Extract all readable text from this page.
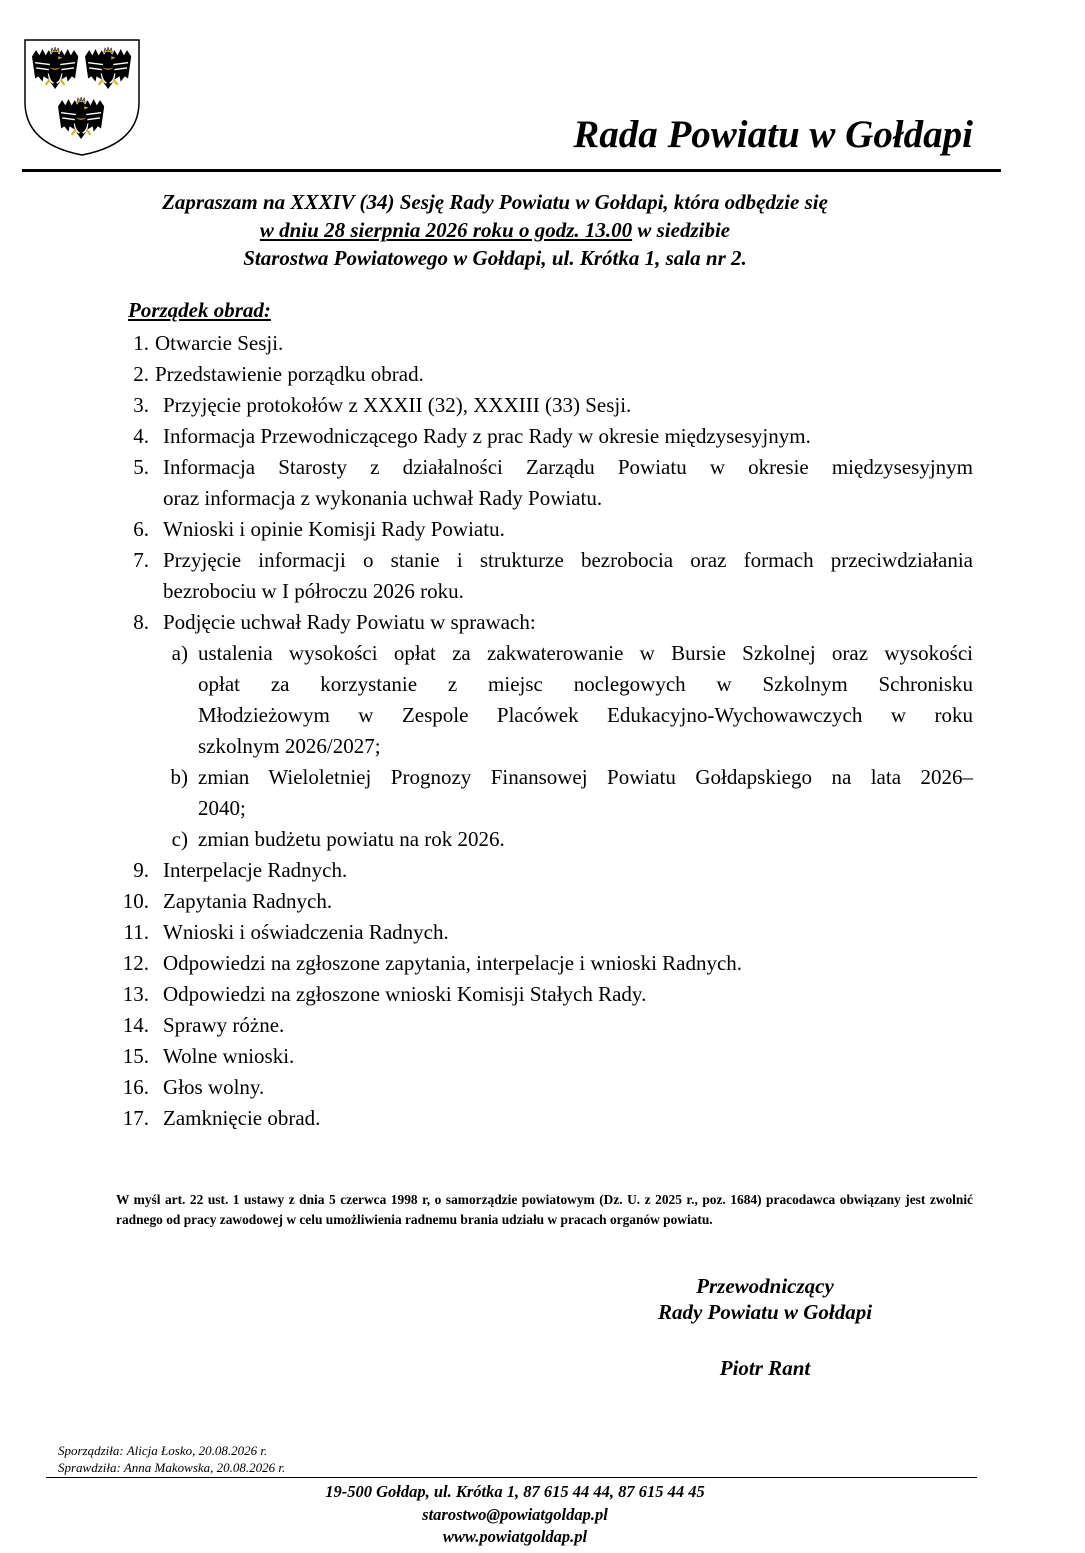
Rada Powiatu w Gołdapi
Zapraszam na XXXIV (34) Sesję Rady Powiatu w Gołdapi, która odbędzie się
w dniu 28 sierpnia 2026 roku o godz. 13.00 w siedzibie
Starostwa Powiatowego w Gołdapi, ul. Krótka 1, sala nr 2.
Porządek obrad:
1. Otwarcie Sesji.
2. Przedstawienie porządku obrad.
3. Przyjęcie protokołów z XXXII (32), XXXIII (33) Sesji.
4. Informacja Przewodniczącego Rady z prac Rady w okresie międzysesyjnym.
5. Informacja Starosty z działalności Zarządu Powiatu w okresie międzysesyjnym
oraz informacja z wykonania uchwał Rady Powiatu.
6. Wnioski i opinie Komisji Rady Powiatu.
7. Przyjęcie informacji o stanie i strukturze bezrobocia oraz formach przeciwdziałania
bezrobociu w I półroczu 2026 roku.
8. Podjęcie uchwał Rady Powiatu w sprawach:
a) ustalenia wysokości opłat za zakwaterowanie w Bursie Szkolnej oraz wysokości
opłat za korzystanie z miejsc noclegowych w Szkolnym Schronisku
Młodzieżowym w Zespole Placówek Edukacyjno-Wychowawczych w roku
szkolnym 2026/2027;
b) zmian Wieloletniej Prognozy Finansowej Powiatu Gołdapskiego na lata 2026–
2040;
c) zmian budżetu powiatu na rok 2026.
9. Interpelacje Radnych.
10. Zapytania Radnych.
11. Wnioski i oświadczenia Radnych.
12. Odpowiedzi na zgłoszone zapytania, interpelacje i wnioski Radnych.
13. Odpowiedzi na zgłoszone wnioski Komisji Stałych Rady.
14. Sprawy różne.
15. Wolne wnioski.
16. Głos wolny.
17. Zamknięcie obrad.
W myśl art. 22 ust. 1 ustawy z dnia 5 czerwca 1998 r, o samorządzie powiatowym (Dz. U. z 2025 r., poz. 1684) pracodawca obwiązany jest zwolnić radnego od pracy zawodowej w celu umożliwienia radnemu brania udziału w pracach organów powiatu.
Przewodniczący
Rady Powiatu w Gołdapi
Piotr Rant
Sporządziła: Alicja Łosko, 20.08.2026 r.
Sprawdziła: Anna Makowska, 20.08.2026 r.
19-500 Gołdap, ul. Krótka 1, 87 615 44 44, 87 615 44 45
starostwo@powiatgoldap.pl
www.powiatgoldap.pl
